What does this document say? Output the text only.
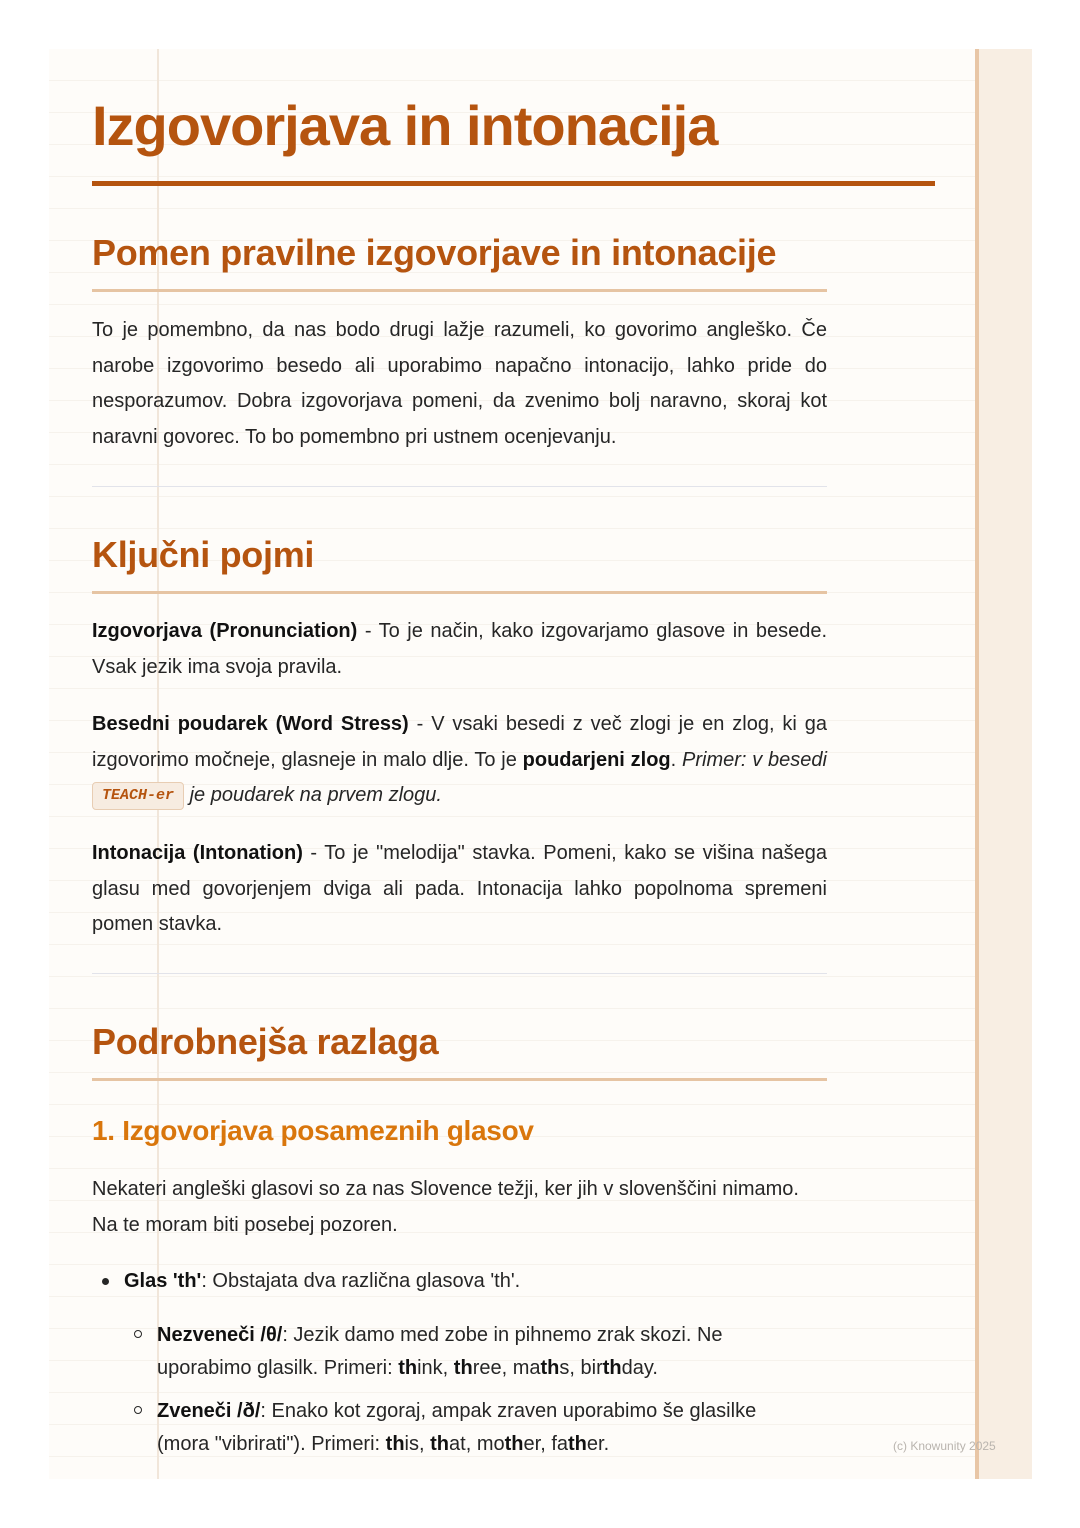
Izgovorjava in intonacija
Pomen pravilne izgovorjave in intonacije

To je pomembno, da nas bodo drugi lažje razumeli, ko govorimo angleško. Če narobe izgovorimo besedo ali uporabimo napačno intonacijo, lahko pride do nesporazumov. Dobra izgovorjava pomeni, da zvenimo bolj naravno, skoraj kot naravni govorec. To bo pomembno pri ustnem ocenjevanju.

Ključni pojmi

Izgovorjava (Pronunciation) - To je način, kako izgovarjamo glasove in besede. Vsak jezik ima svoja pravila.

Besedni poudarek (Word Stress) - V vsaki besedi z več zlogi je en zlog, ki ga izgovorimo močneje, glasneje in malo dlje. To je poudarjeni zlog. Primer: v besedi TEACH-er je poudarek na prvem zlogu.

Intonacija (Intonation) - To je "melodija" stavka. Pomeni, kako se višina našega glasu med govorjenjem dviga ali pada. Intonacija lahko popolnoma spremeni pomen stavka.

Podrobnejša razlaga
1. Izgovorjava posameznih glasov

Nekateri angleški glasovi so za nas Slovence težji, ker jih v slovenščini nimamo. Na te moram biti posebej pozoren.

Glas 'th': Obstajata dva različna glasova 'th'.

Nezveneči /θ/: Jezik damo med zobe in pihnemo zrak skozi. Ne uporabimo glasilk. Primeri: think, three, maths, birthday.

Zveneči /ð/: Enako kot zgoraj, ampak zraven uporabimo še glasilke (mora "vibrirati"). Primeri: this, that, mother, father.	(c) Knowunity 2025
